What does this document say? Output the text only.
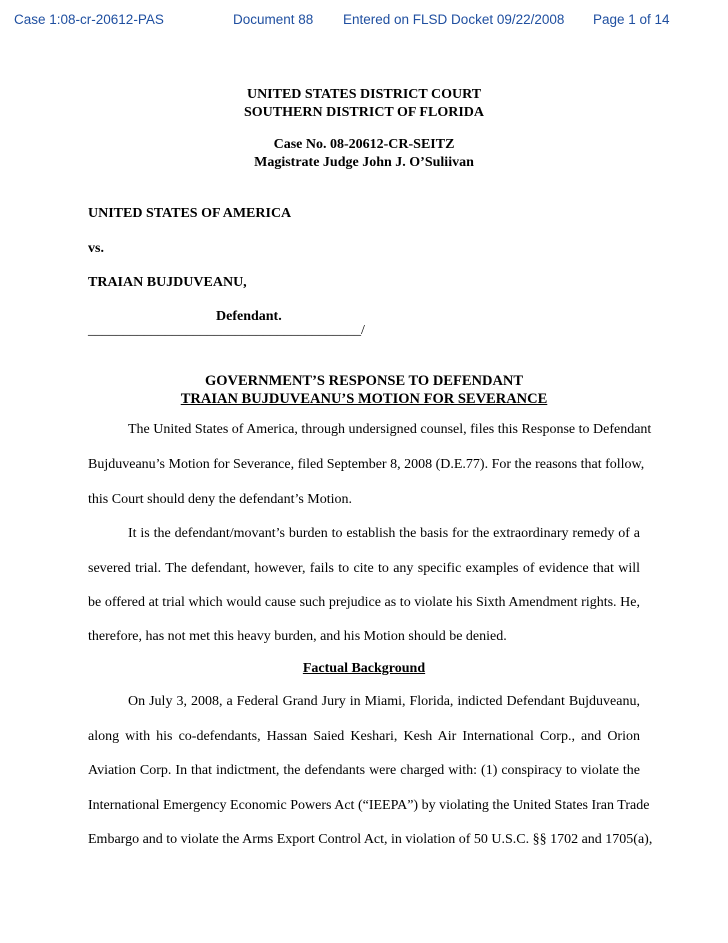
Case 1:08-cr-20612-PAS	Document 88 Entered on FLSD Docket 09/22/2008 Page 1 of 14
UNITED STATES DISTRICT COURT
SOUTHERN DISTRICT OF FLORIDA
Case No. 08-20612-CR-SEITZ
Magistrate Judge John J. O’Suliivan
UNITED STATES OF AMERICA
vs.
TRAIAN BUJDUVEANU,
Defendant.
_______________________________________/
GOVERNMENT’S RESPONSE TO DEFENDANT
TRAIAN BUJDUVEANU’S MOTION FOR SEVERANCE
The United States of America, through undersigned counsel, files this Response to Defendant
Bujduveanu’s Motion for Severance, filed September 8, 2008 (D.E.77). For the reasons that follow,
this Court should deny the defendant’s Motion.
It is the defendant/movant’s burden to establish the basis for the extraordinary remedy of a
severed trial. The defendant, however, fails to cite to any specific examples of evidence that will
be offered at trial which would cause such prejudice as to violate his Sixth Amendment rights. He,
therefore, has not met this heavy burden, and his Motion should be denied.
Factual Background
On July 3, 2008, a Federal Grand Jury in Miami, Florida, indicted Defendant Bujduveanu,
along with his co-defendants, Hassan Saied Keshari, Kesh Air International Corp., and Orion
Aviation Corp. In that indictment, the defendants were charged with: (1) conspiracy to violate the
International Emergency Economic Powers Act (“IEEPA”) by violating the United States Iran Trade
Embargo and to violate the Arms Export Control Act, in violation of 50 U.S.C. §§ 1702 and 1705(a),
